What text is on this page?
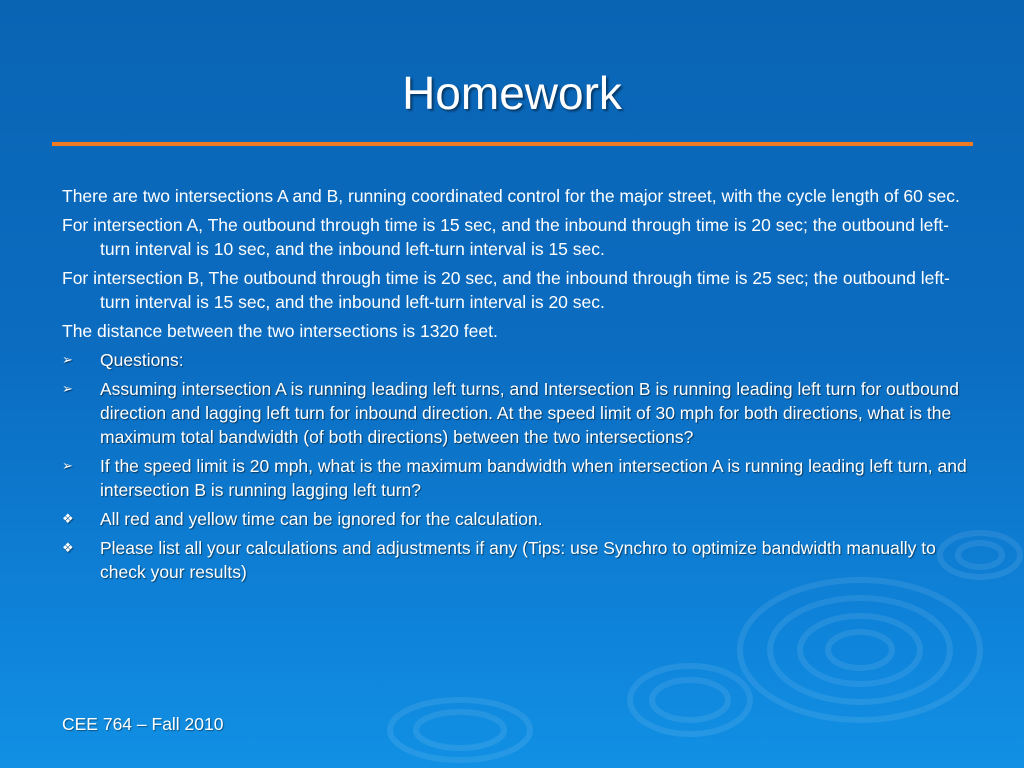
Homework

There are two intersections A and B, running coordinated control for the major street, with the cycle length of 60 sec.

For intersection A, The outbound through time is 15 sec, and the inbound through time is 20 sec; the outbound left-turn interval is 10 sec, and the inbound left-turn interval is 15 sec.

For intersection B, The outbound through time is 20 sec, and the inbound through time is 25 sec; the outbound left-turn interval is 15 sec, and the inbound left-turn interval is 20 sec.

The distance between the two intersections is 1320 feet.

➢	Questions:
➢	Assuming intersection A is running leading left turns, and Intersection B is running leading left turn for outbound direction and lagging left turn for inbound direction. At the speed limit of 30 mph for both directions, what is the maximum total bandwidth (of both directions) between the two intersections?
➢	If the speed limit is 20 mph, what is the maximum bandwidth when intersection A is running leading left turn, and intersection B is running lagging left turn?
❖	All red and yellow time can be ignored for the calculation.
❖	Please list all your calculations and adjustments if any (Tips: use Synchro to optimize bandwidth manually to check your results)
CEE 764 – Fall 2010
